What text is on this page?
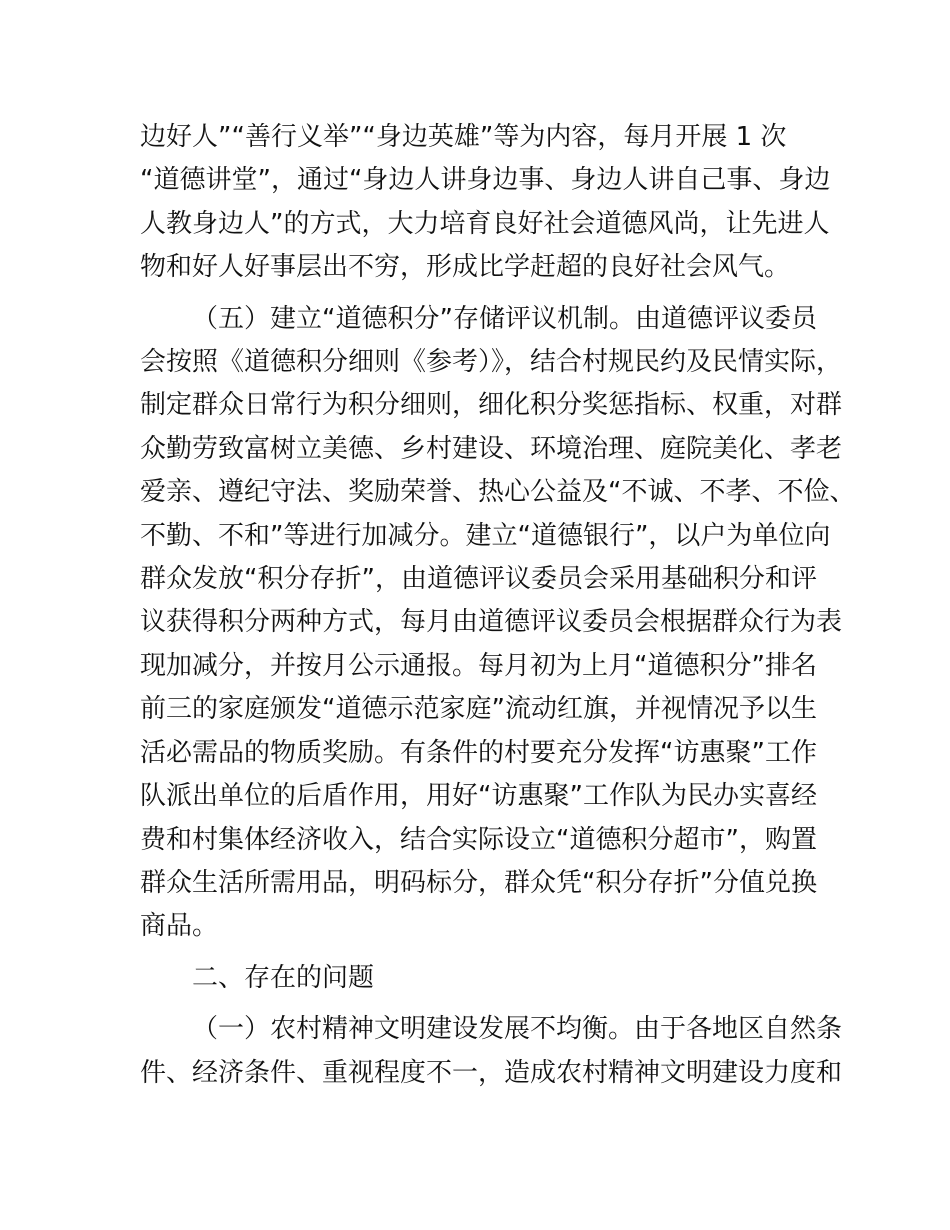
边好人”“善行义举”“身边英雄”等为内容，每月开展 1 次
“道德讲堂”，通过“身边人讲身边事、身边人讲自己事、身边
人教身边人”的方式，大力培育良好社会道德风尚，让先进人
物和好人好事层出不穷，形成比学赶超的良好社会风气。
（五）建立“道德积分”存储评议机制。由道德评议委员
会按照《道德积分细则《参考）》，结合村规民约及民情实际，
制定群众日常行为积分细则，细化积分奖惩指标、权重，对群
众勤劳致富树立美德、乡村建设、环境治理、庭院美化、孝老
爱亲、遵纪守法、奖励荣誉、热心公益及“不诚、不孝、不俭、
不勤、不和”等进行加减分。建立“道德银行”，以户为单位向
群众发放“积分存折”，由道德评议委员会采用基础积分和评
议获得积分两种方式，每月由道德评议委员会根据群众行为表
现加减分，并按月公示通报。每月初为上月“道德积分”排名
前三的家庭颁发“道德示范家庭”流动红旗，并视情况予以生
活必需品的物质奖励。有条件的村要充分发挥“访惠聚”工作
队派出单位的后盾作用，用好“访惠聚”工作队为民办实喜经
费和村集体经济收入，结合实际设立“道德积分超市”，购置
群众生活所需用品，明码标分，群众凭“积分存折”分值兑换
商品。
二、存在的问题
（一）农村精神文明建设发展不均衡。由于各地区自然条
件、经济条件、重视程度不一，造成农村精神文明建设力度和
